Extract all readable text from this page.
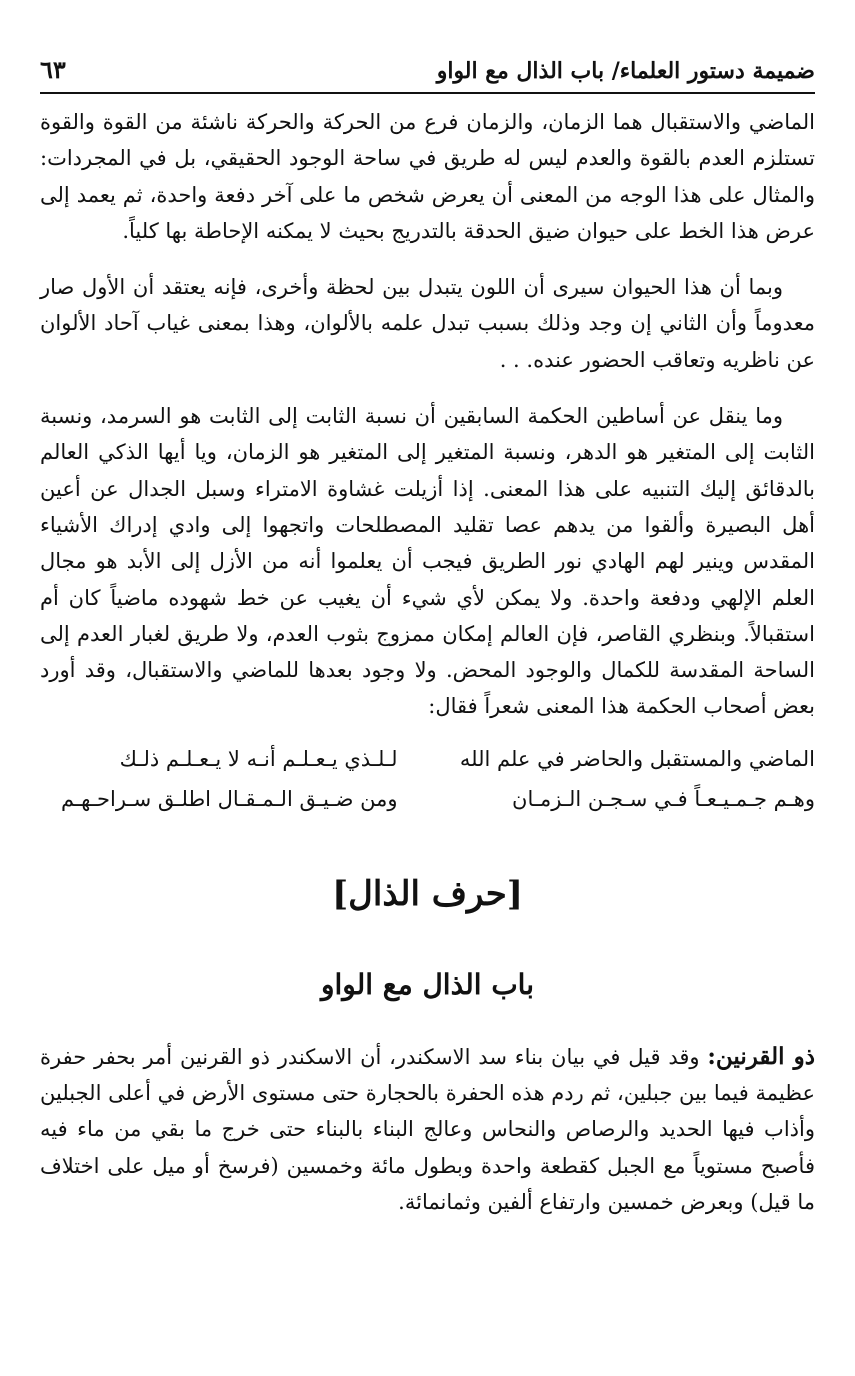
ضميمة دستور العلماء/ باب الذال مع الواو
٦٣

الماضي والاستقبال هما الزمان، والزمان فرع من الحركة والحركة ناشئة من القوة والقوة تستلزم العدم بالقوة والعدم ليس له طريق في ساحة الوجود الحقيقي، بل في المجردات: والمثال على هذا الوجه من المعنى أن يعرض شخص ما على آخر دفعة واحدة، ثم يعمد إلى عرض هذا الخط على حيوان ضيق الحدقة بالتدريج بحيث لا يمكنه الإحاطة بها كلياً.

وبما أن هذا الحيوان سيرى أن اللون يتبدل بين لحظة وأخرى، فإنه يعتقد أن الأول صار معدوماً وأن الثاني إن وجد وذلك بسبب تبدل علمه بالألوان، وهذا بمعنى غياب آحاد الألوان عن ناظريه وتعاقب الحضور عنده. . .

وما ينقل عن أساطين الحكمة السابقين أن نسبة الثابت إلى الثابت هو السرمد، ونسبة الثابت إلى المتغير هو الدهر، ونسبة المتغير إلى المتغير هو الزمان، ويا أيها الذكي العالم بالدقائق إليك التنبيه على هذا المعنى. إذا أزيلت غشاوة الامتراء وسبل الجدال عن أعين أهل البصيرة وألقوا من يدهم عصا تقليد المصطلحات واتجهوا إلى وادي إدراك الأشياء المقدس وينير لهم الهادي نور الطريق فيجب أن يعلموا أنه من الأزل إلى الأبد هو مجال العلم الإلهي ودفعة واحدة. ولا يمكن لأي شيء أن يغيب عن خط شهوده ماضياً كان أم استقبالاً. وبنظري القاصر، فإن العالم إمكان ممزوج بثوب العدم، ولا طريق لغبار العدم إلى الساحة المقدسة للكمال والوجود المحض. ولا وجود بعدها للماضي والاستقبال، وقد أورد بعض أصحاب الحكمة هذا المعنى شعراً فقال:

الماضي والمستقبل والحاضر في علم الله
لـلـذي يـعـلـم أنـه لا يـعـلـم ذلـك
وهـم جـمـيـعـاً فـي سـجـن الـزمـان
ومن ضـيـق الـمـقـال اطلـق سـراحـهـم
[حرف الذال]
باب الذال مع الواو

ذو القرنين: وقد قيل في بيان بناء سد الاسكندر، أن الاسكندر ذو القرنين أمر بحفر حفرة عظيمة فيما بين جبلين، ثم ردم هذه الحفرة بالحجارة حتى مستوى الأرض في أعلى الجبلين وأذاب فيها الحديد والرصاص والنحاس وعالج البناء بالبناء حتى خرج ما بقي من ماء فيه فأصبح مستوياً مع الجبل كقطعة واحدة وبطول مائة وخمسين (فرسخ أو ميل على اختلاف ما قيل) وبعرض خمسين وارتفاع ألفين وثمانمائة.
